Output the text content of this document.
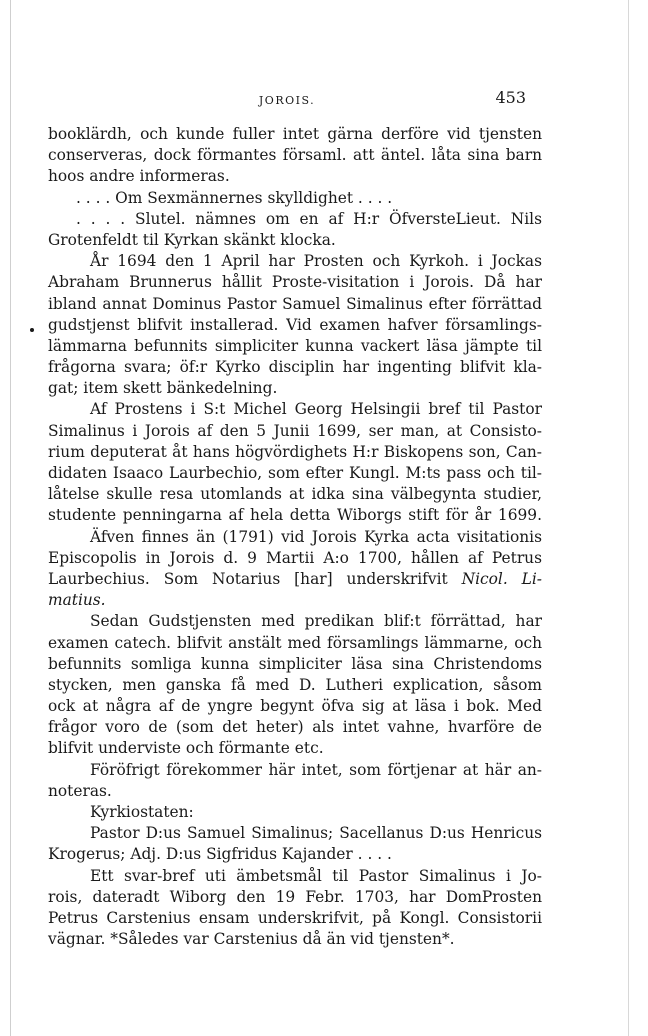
JOROIS.	453
booklärdh, och kunde fuller intet gärna derföre vid tjensten
conserveras, dock förmantes församl. att äntel. låta sina barn
hoos andre informeras.
. . . . Om Sexmännernes skylldighet . . . .
. . . . Slutel. nämnes om en af H:r ÖfversteLieut. Nils
Grotenfeldt til Kyrkan skänkt klocka.
År 1694 den 1 April har Prosten och Kyrkoh. i Jockas
Abraham Brunnerus hållit Proste-visitation i Jorois. Då har
ibland annat Dominus Pastor Samuel Simalinus efter förrättad
gudstjenst blifvit installerad. Vid examen hafver församlings-
lämmarna befunnits simpliciter kunna vackert läsa jämpte til
frågorna svara; öf:r Kyrko disciplin har ingenting blifvit kla-
gat; item skett bänkedelning.
Af Prostens i S:t Michel Georg Helsingii bref til Pastor
Simalinus i Jorois af den 5 Junii 1699, ser man, at Consisto-
rium deputerat åt hans högvördighets H:r Biskopens son, Can-
didaten Isaaco Laurbechio, som efter Kungl. M:ts pass och til-
låtelse skulle resa utomlands at idka sina välbegynta studier,
studente penningarna af hela detta Wiborgs stift för år 1699.
Äfven finnes än (1791) vid Jorois Kyrka acta visitationis
Episcopolis in Jorois d. 9 Martii A:o 1700, hållen af Petrus
Laurbechius. Som Notarius [har] underskrifvit Nicol. Li-
matius.
Sedan Gudstjensten med predikan blif:t förrättad, har
examen catech. blifvit anstält med församlings lämmarne, och
befunnits somliga kunna simpliciter läsa sina Christendoms
stycken, men ganska få med D. Lutheri explication, såsom
ock at några af de yngre begynt öfva sig at läsa i bok. Med
frågor voro de (som det heter) als intet vahne, hvarföre de
blifvit underviste och förmante etc.
Föröfrigt förekommer här intet, som förtjenar at här an-
noteras.
Kyrkiostaten:
Pastor D:us Samuel Simalinus; Sacellanus D:us Henricus
Krogerus; Adj. D:us Sigfridus Kajander . . . .
Ett svar-bref uti ämbetsmål til Pastor Simalinus i Jo-
rois, dateradt Wiborg den 19 Febr. 1703, har DomProsten
Petrus Carstenius ensam underskrifvit, på Kongl. Consistorii
vägnar. *Således var Carstenius då än vid tjensten*.
